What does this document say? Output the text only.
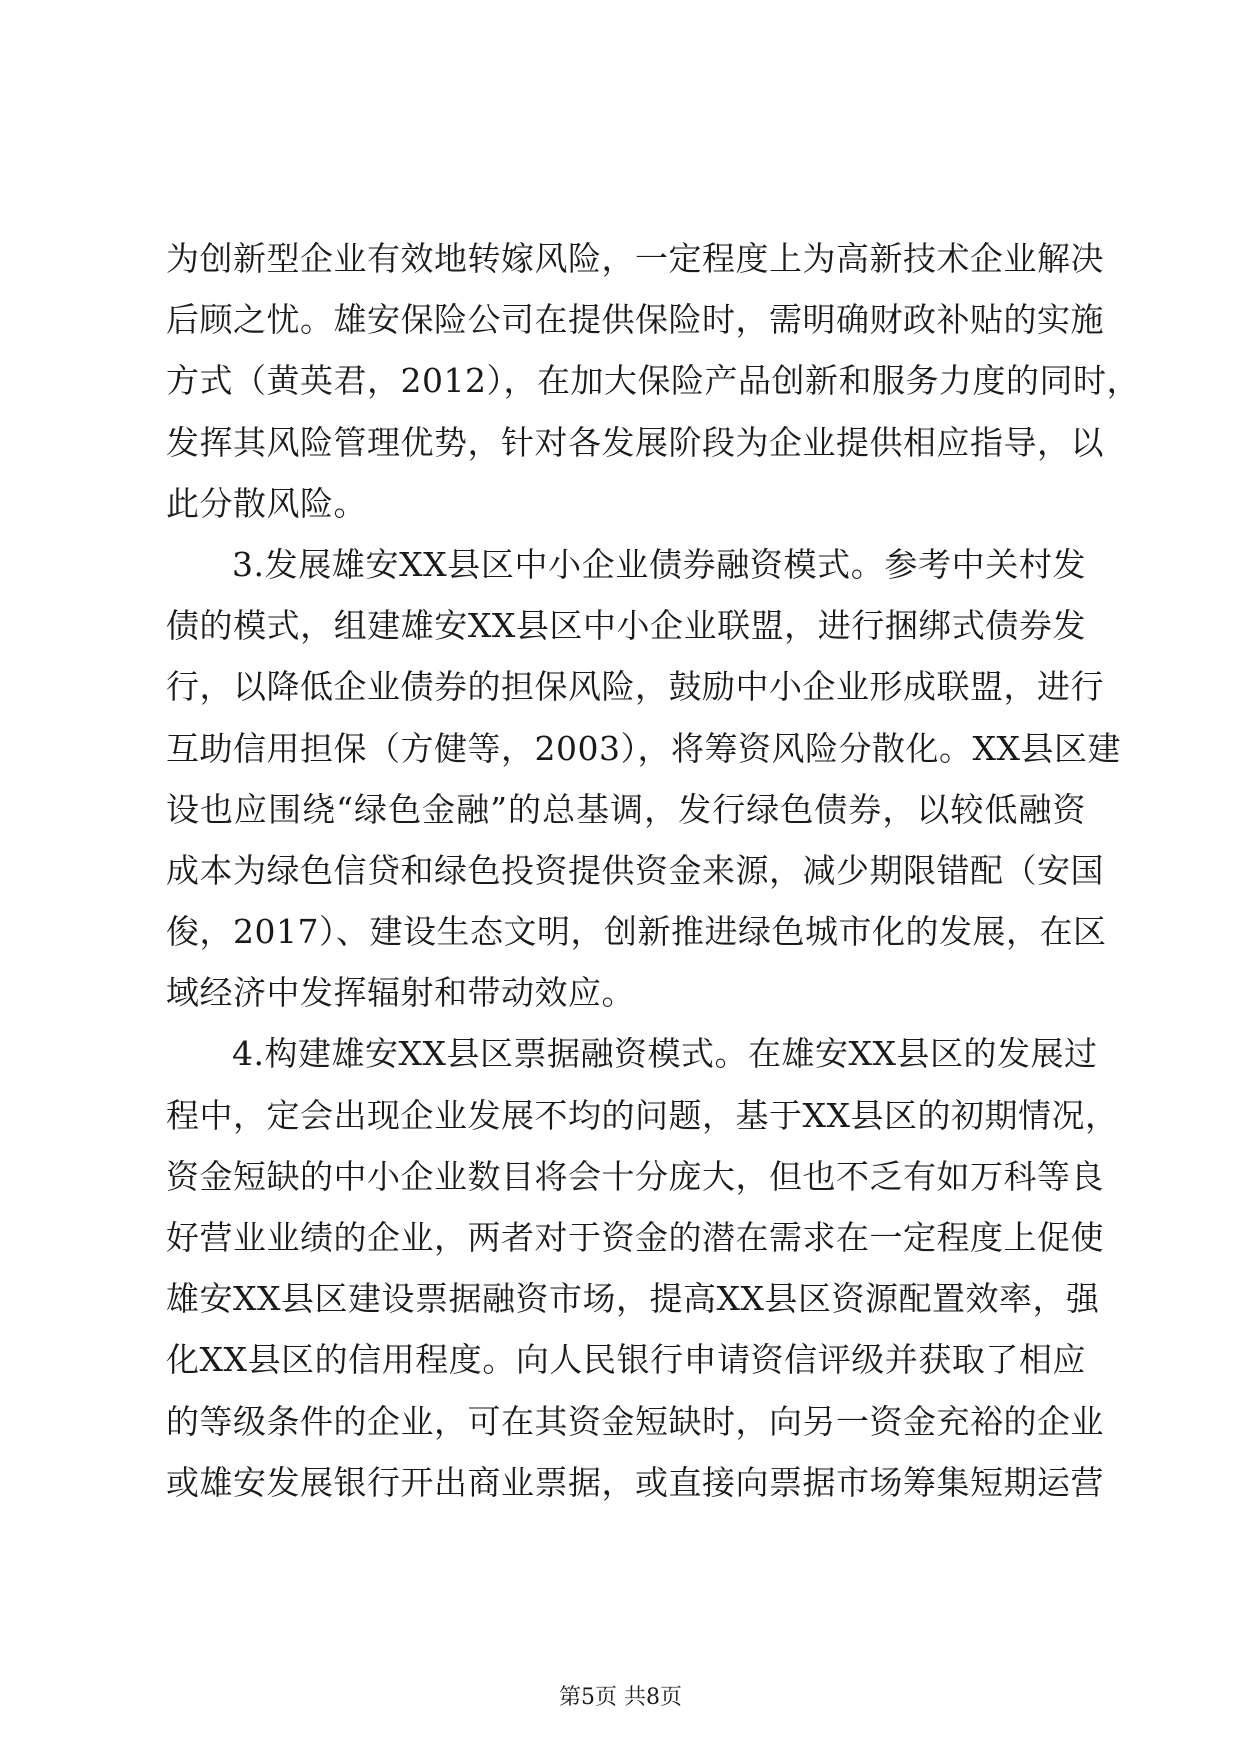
为创新型企业有效地转嫁风险，一定程度上为高新技术企业解决
后顾之忧。雄安保险公司在提供保险时，需明确财政补贴的实施
方式（黄英君，2012），在加大保险产品创新和服务力度的同时，
发挥其风险管理优势，针对各发展阶段为企业提供相应指导，以
此分散风险。
3.发展雄安XX县区中小企业债券融资模式。参考中关村发
债的模式，组建雄安XX县区中小企业联盟，进行捆绑式债券发
行，以降低企业债券的担保风险，鼓励中小企业形成联盟，进行
互助信用担保（方健等，2003），将筹资风险分散化。XX县区建
设也应围绕“绿色金融”的总基调，发行绿色债券，以较低融资
成本为绿色信贷和绿色投资提供资金来源，减少期限错配（安国
俊，2017）、建设生态文明，创新推进绿色城市化的发展，在区
域经济中发挥辐射和带动效应。
4.构建雄安XX县区票据融资模式。在雄安XX县区的发展过
程中，定会出现企业发展不均的问题，基于XX县区的初期情况，
资金短缺的中小企业数目将会十分庞大，但也不乏有如万科等良
好营业业绩的企业，两者对于资金的潜在需求在一定程度上促使
雄安XX县区建设票据融资市场，提高XX县区资源配置效率，强
化XX县区的信用程度。向人民银行申请资信评级并获取了相应
的等级条件的企业，可在其资金短缺时，向另一资金充裕的企业
或雄安发展银行开出商业票据，或直接向票据市场筹集短期运营
第5页 共8页
